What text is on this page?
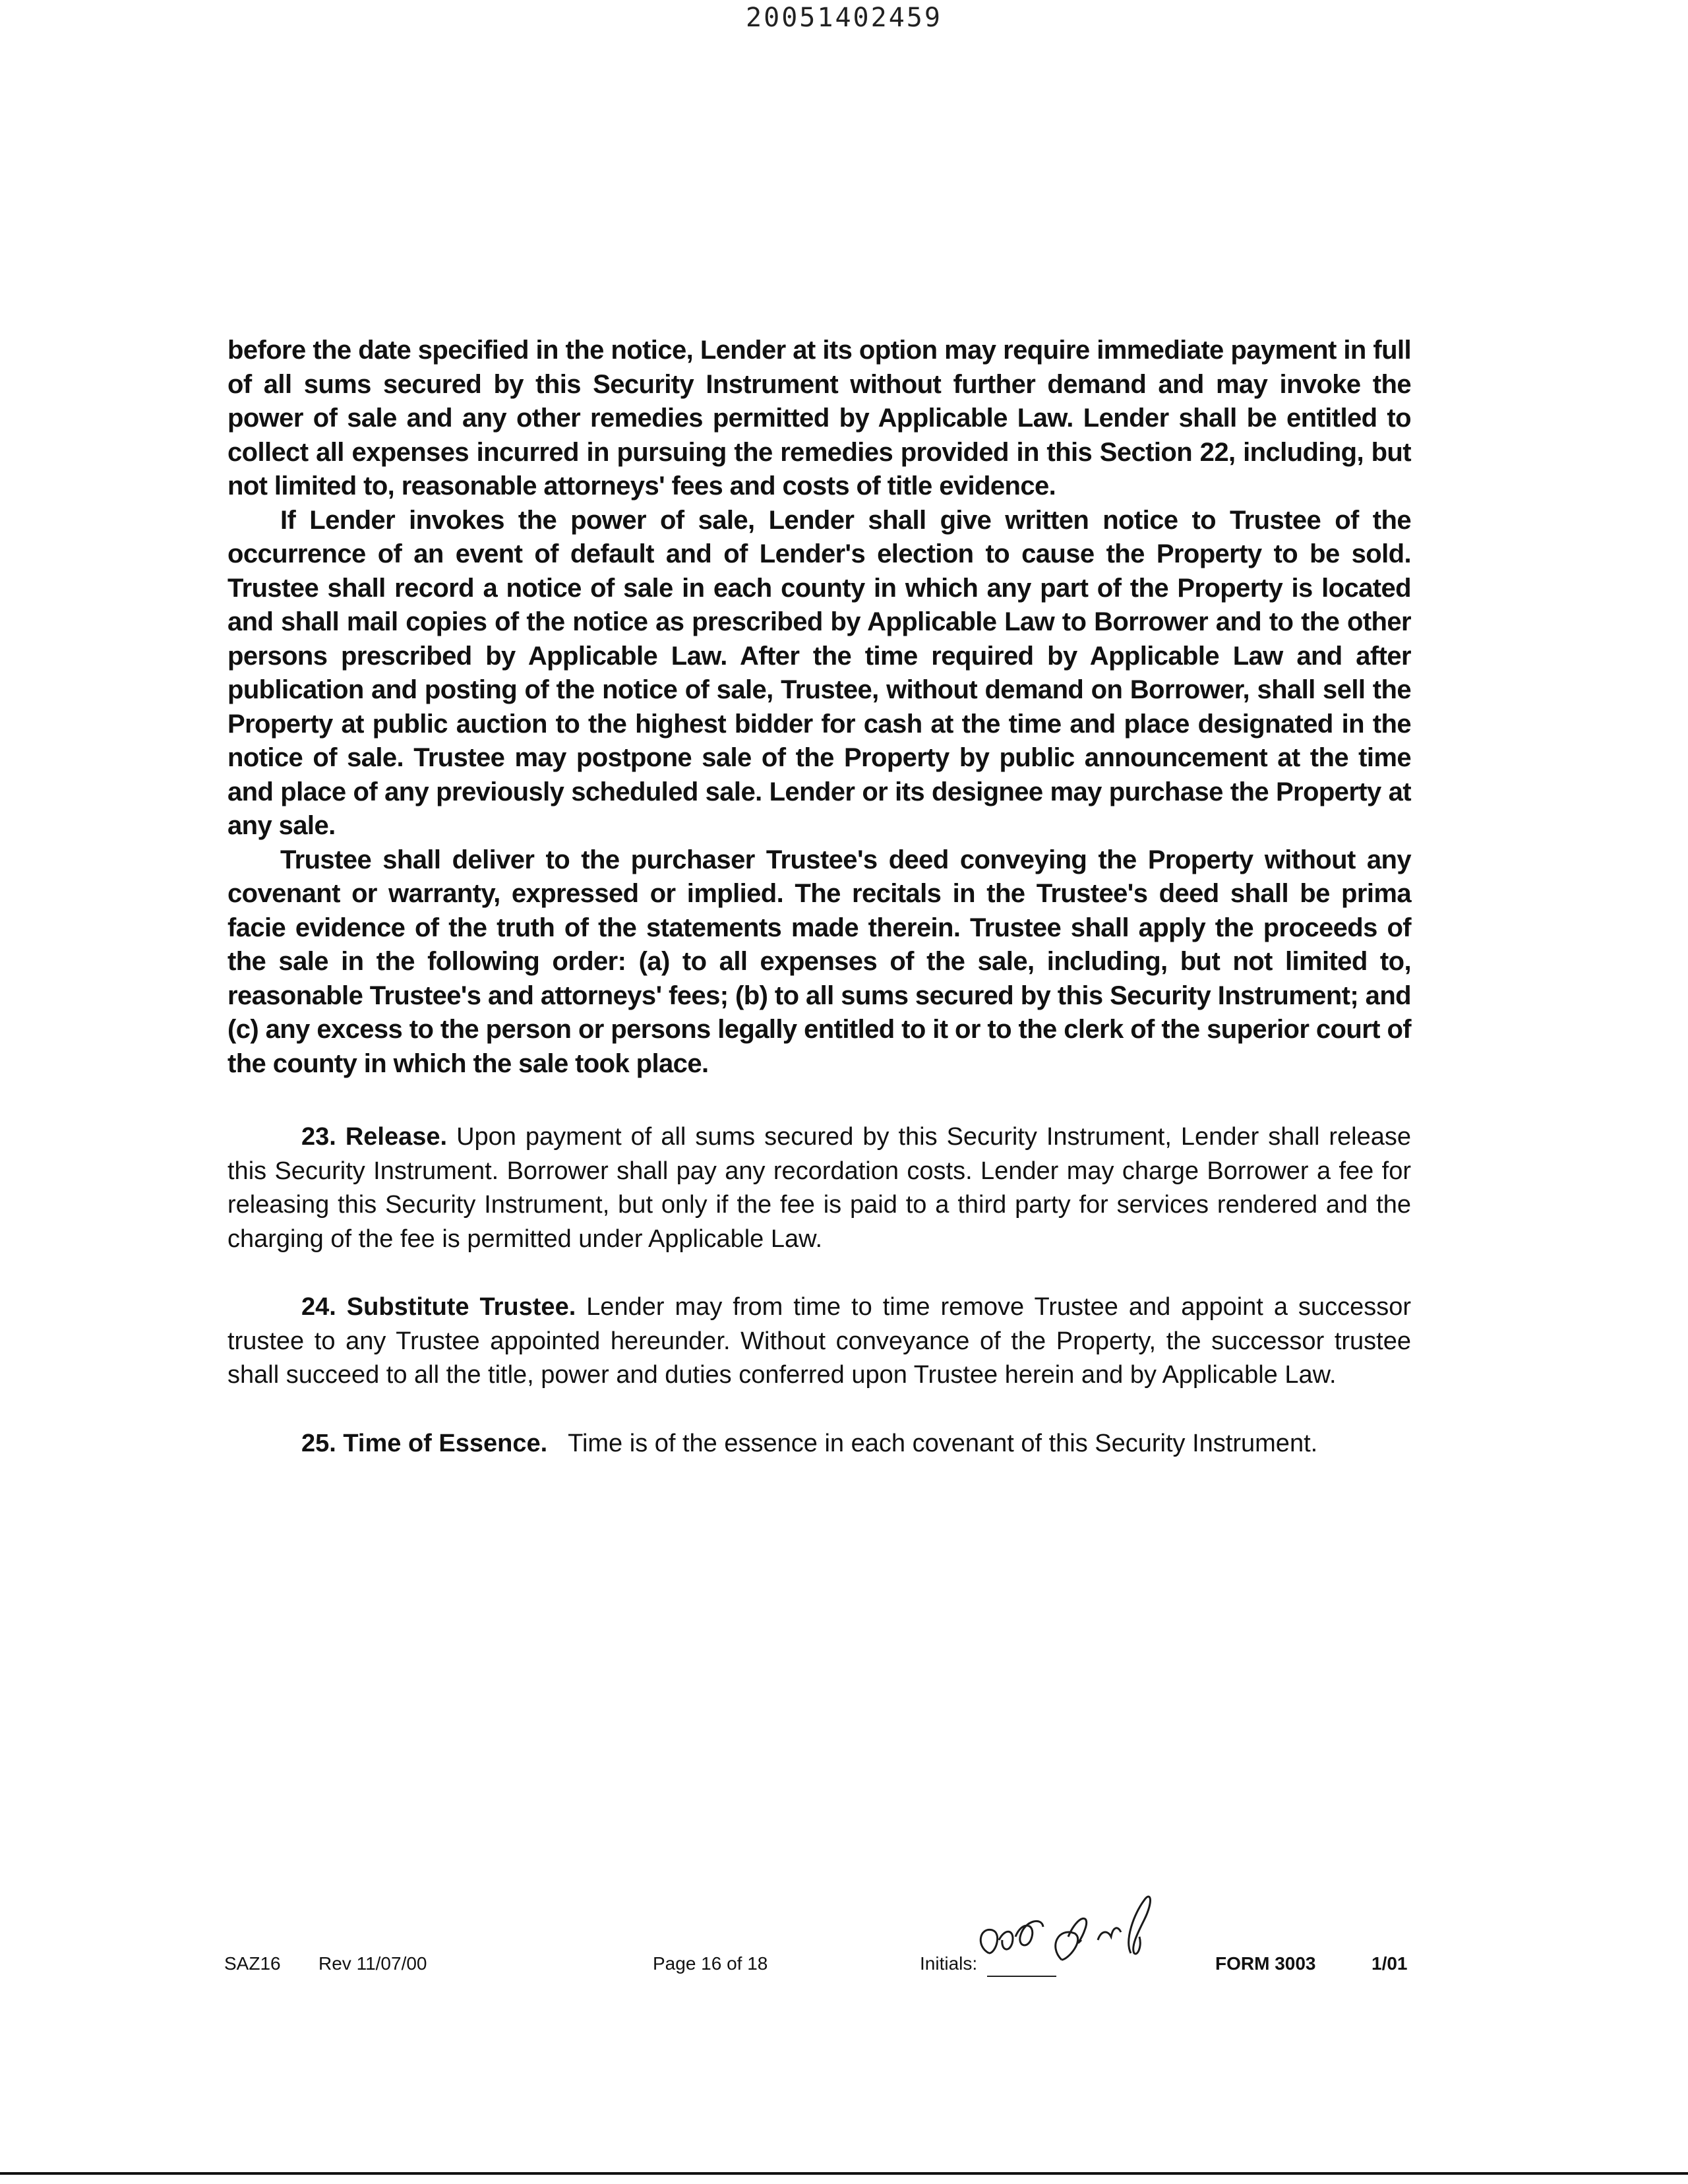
20051402459

before the date specified in the notice, Lender at its option may require immediate payment in full of all sums secured by this Security Instrument without further demand and may invoke the power of sale and any other remedies permitted by Applicable Law. Lender shall be entitled to collect all expenses incurred in pursuing the remedies provided in this Section 22, including, but not limited to, reasonable attorneys' fees and costs of title evidence.

If Lender invokes the power of sale, Lender shall give written notice to Trustee of the occurrence of an event of default and of Lender's election to cause the Property to be sold. Trustee shall record a notice of sale in each county in which any part of the Property is located and shall mail copies of the notice as prescribed by Applicable Law to Borrower and to the other persons prescribed by Applicable Law. After the time required by Applicable Law and after publication and posting of the notice of sale, Trustee, without demand on Borrower, shall sell the Property at public auction to the highest bidder for cash at the time and place designated in the notice of sale. Trustee may postpone sale of the Property by public announcement at the time and place of any previously scheduled sale. Lender or its designee may purchase the Property at any sale.

Trustee shall deliver to the purchaser Trustee's deed conveying the Property without any covenant or warranty, expressed or implied. The recitals in the Trustee's deed shall be prima facie evidence of the truth of the statements made therein. Trustee shall apply the proceeds of the sale in the following order: (a) to all expenses of the sale, including, but not limited to, reasonable Trustee's and attorneys' fees; (b) to all sums secured by this Security Instrument; and (c) any excess to the person or persons legally entitled to it or to the clerk of the superior court of the county in which the sale took place.

23. Release. Upon payment of all sums secured by this Security Instrument, Lender shall release this Security Instrument. Borrower shall pay any recordation costs. Lender may charge Borrower a fee for releasing this Security Instrument, but only if the fee is paid to a third party for services rendered and the charging of the fee is permitted under Applicable Law.

24. Substitute Trustee. Lender may from time to time remove Trustee and appoint a successor trustee to any Trustee appointed hereunder. Without conveyance of the Property, the successor trustee shall succeed to all the title, power and duties conferred upon Trustee herein and by Applicable Law.

25. Time of Essence. Time is of the essence in each covenant of this Security Instrument.

SAZ16 Rev 11/07/00	Page 16 of 18	Initials:	FORM 3003	1/01
